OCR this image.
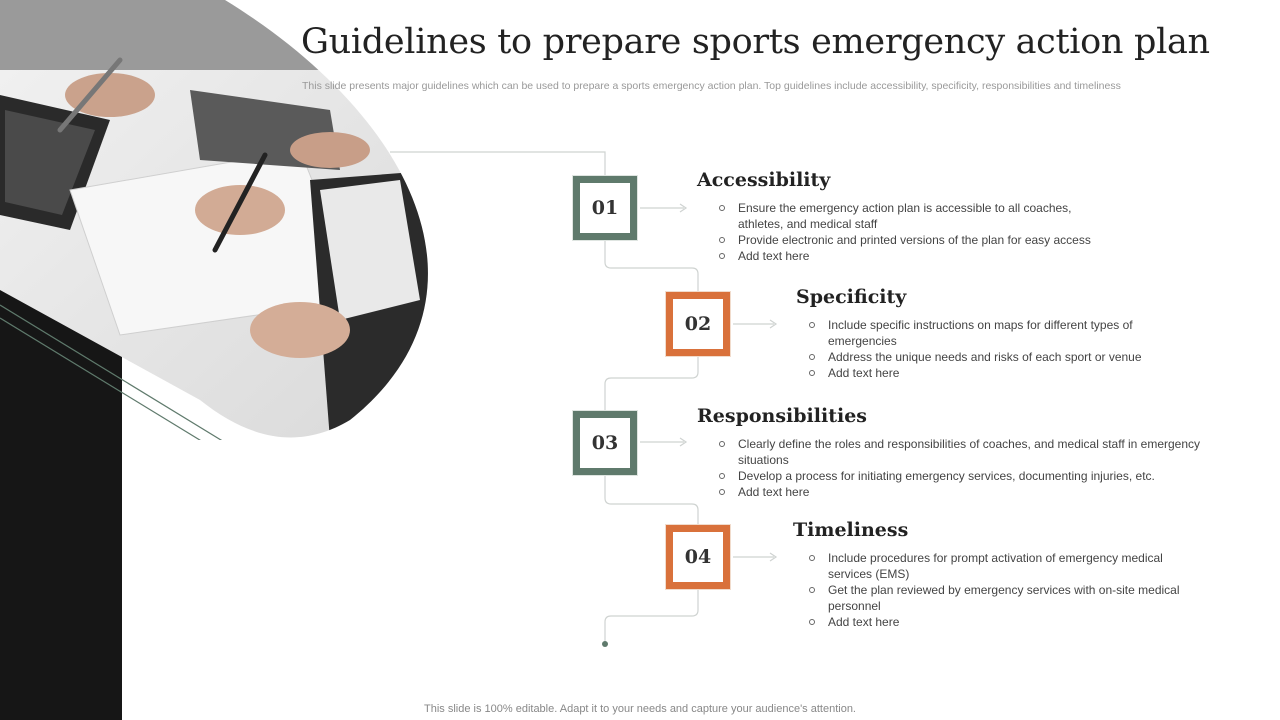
Guidelines to prepare sports emergency action plan

This slide presents major guidelines which can be used to prepare a sports emergency action plan. Top guidelines include accessibility, specificity, responsibilities and timeliness

01
Accessibility
Ensure the emergency action plan is accessible to all coaches, athletes, and medical staff
Provide electronic and printed versions of the plan for easy access
Add text here
02
Specificity
Include specific instructions on maps for different types of emergencies
Address the unique needs and risks of each sport or venue
Add text here
03
Responsibilities
Clearly define the roles and responsibilities of coaches, and medical staff in emergency situations
Develop a process for initiating emergency services, documenting injuries, etc.
Add text here
04
Timeliness
Include procedures for prompt activation of emergency medical services (EMS)
Get the plan reviewed by emergency services with on-site medical personnel
Add text here
This slide is 100% editable. Adapt it to your needs and capture your audience's attention.
